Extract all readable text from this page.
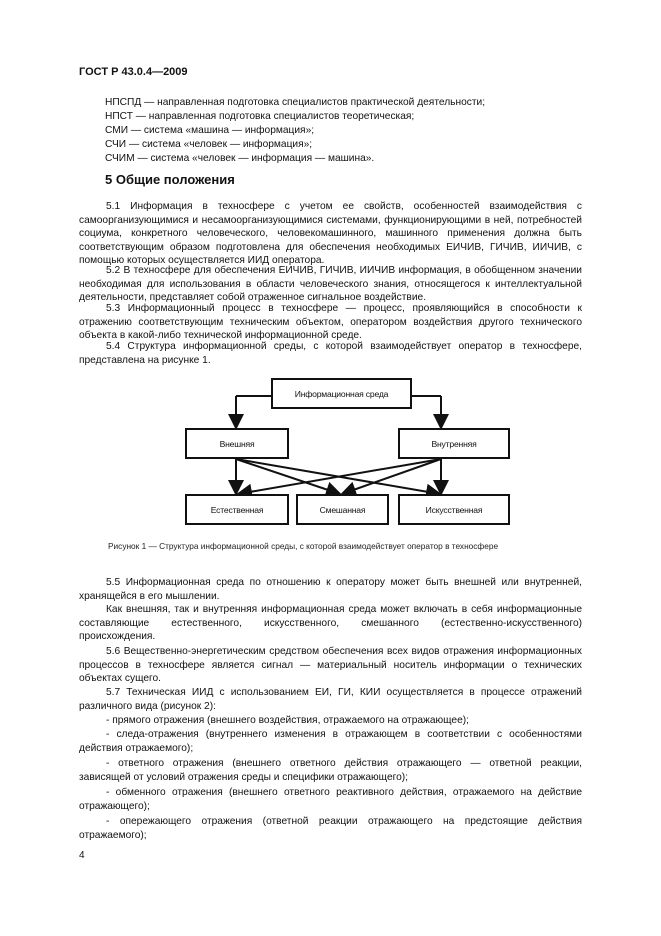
ГОСТ Р 43.0.4—2009
НПСПД — направленная подготовка специалистов практической деятельности;
НПСТ — направленная подготовка специалистов теоретическая;
СМИ — система «машина — информация»;
СЧИ — система «человек — информация»;
СЧИМ — система «человек — информация — машина».
5 Общие положения

5.1 Информация в техносфере с учетом ее свойств, особенностей взаимодействия с самоорганизующимися и несамоорганизующимися системами, функционирующими в ней, потребностей социума, конкретного человеческого, человекомашинного, машинного применения должна быть соответствующим образом подготовлена для обеспечения необходимых ЕИЧИВ, ГИЧИВ, ИИЧИВ, с помощью которых осуществляется ИИД оператора.

5.2 В техносфере для обеспечения ЕИЧИВ, ГИЧИВ, ИИЧИВ информация, в обобщенном значении необходимая для использования в области человеческого знания, относящегося к интеллектуальной деятельности, представляет собой отраженное сигнальное воздействие.

5.3 Информационный процесс в техносфере — процесс, проявляющийся в способности к отражению соответствующим техническим объектом, оператором воздействия другого технического объекта в какой-либо технической информационной среде.

5.4 Структура информационной среды, с которой взаимодействует оператор в техносфере, представлена на рисунке 1.

Информационная среда
Внешняя	Внутренняя
Естественная	Смешанная	Искусственная
Рисунок 1 — Структура информационной среды, с которой взаимодействует оператор в техносфере

5.5 Информационная среда по отношению к оператору может быть внешней или внутренней, хранящейся в его мышлении.

Как внешняя, так и внутренняя информационная среда может включать в себя информационные составляющие естественного, искусственного, смешанного (естественно-искусственного) происхождения.

5.6 Вещественно-энергетическим средством обеспечения всех видов отражения информационных процессов в техносфере является сигнал — материальный носитель информации о технических объектах сущего.

5.7 Техническая ИИД с использованием ЕИ, ГИ, КИИ осуществляется в процессе отражений различного вида (рисунок 2):

- прямого отражения (внешнего воздействия, отражаемого на отражающее);

- следа-отражения (внутреннего изменения в отражающем в соответствии с особенностями действия отражаемого);

- ответного отражения (внешнего ответного действия отражающего — ответной реакции, зависящей от условий отражения среды и специфики отражающего);

- обменного отражения (внешнего ответного реактивного действия, отражаемого на действие отражающего);

- опережающего отражения (ответной реакции отражающего на предстоящие действия отражаемого);

4
